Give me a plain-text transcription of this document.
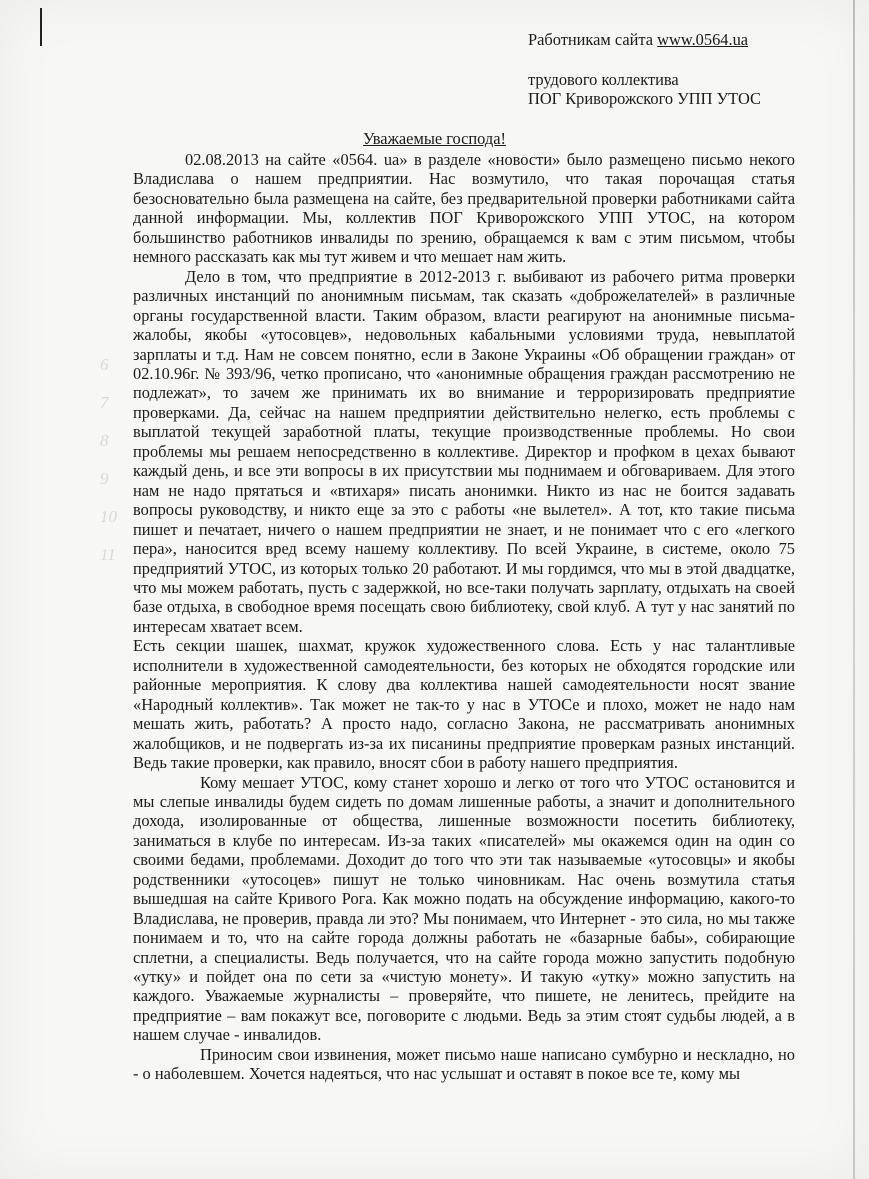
6
7
8
9
10
11
Работникам сайта www.0564.ua
трудового коллектива
ПОГ Криворожского УПП УТОС
Уважаемые господа!

02.08.2013 на сайте «0564. ua» в разделе «новости» было размещено письмо некого Владислава о нашем предприятии. Нас возмутило, что такая порочащая статья безосновательно была размещена на сайте, без предварительной проверки работниками сайта данной информации. Мы, коллектив ПОГ Криворожского УПП УТОС, на котором большинство работников инвалиды по зрению, обращаемся к вам с этим письмом, чтобы немного рассказать как мы тут живем и что мешает нам жить.

Дело в том, что предприятие в 2012-2013 г. выбивают из рабочего ритма проверки различных инстанций по анонимным письмам, так сказать «доброжелателей» в различные органы государственной власти. Таким образом, власти реагируют на анонимные письма-жалобы, якобы «утосовцев», недовольных кабальными условиями труда, невыплатой зарплаты и т.д. Нам не совсем понятно, если в Законе Украины «Об обращении граждан» от 02.10.96г. № 393/96, четко прописано, что «анонимные обращения граждан рассмотрению не подлежат», то зачем же принимать их во внимание и терроризировать предприятие проверками. Да, сейчас на нашем предприятии действительно нелегко, есть проблемы с выплатой текущей заработной платы, текущие производственные проблемы. Но свои проблемы мы решаем непосредственно в коллективе. Директор и профком в цехах бывают каждый день, и все эти вопросы в их присутствии мы поднимаем и обговариваем. Для этого нам не надо прятаться и «втихаря» писать анонимки. Никто из нас не боится задавать вопросы руководству, и никто еще за это с работы «не вылетел». А тот, кто такие письма пишет и печатает, ничего о нашем предприятии не знает, и не понимает что с его «легкого пера», наносится вред всему нашему коллективу. По всей Украине, в системе, около 75 предприятий УТОС, из которых только 20 работают. И мы гордимся, что мы в этой двадцатке, что мы можем работать, пусть с задержкой, но все-таки получать зарплату, отдыхать на своей базе отдыха, в свободное время посещать свою библиотеку, свой клуб. А тут у нас занятий по интересам хватает всем.

Есть секции шашек, шахмат, кружок художественного слова. Есть у нас талантливые исполнители в художественной самодеятельности, без которых не обходятся городские или районные мероприятия. К слову два коллектива нашей самодеятельности носят звание «Народный коллектив». Так может не так-то у нас в УТОСе и плохо, может не надо нам мешать жить, работать? А просто надо, согласно Закона, не рассматривать анонимных жалобщиков, и не подвергать из-за их писанины предприятие проверкам разных инстанций. Ведь такие проверки, как правило, вносят сбои в работу нашего предприятия.

Кому мешает УТОС, кому станет хорошо и легко от того что УТОС остановится и мы слепые инвалиды будем сидеть по домам лишенные работы, а значит и дополнительного дохода, изолированные от общества, лишенные возможности посетить библиотеку, заниматься в клубе по интересам. Из-за таких «писателей» мы окажемся один на один со своими бедами, проблемами. Доходит до того что эти так называемые «утосовцы» и якобы родственники «утосоцев» пишут не только чиновникам. Нас очень возмутила статья вышедшая на сайте Кривого Рога. Как можно подать на обсуждение информацию, какого-то Владислава, не проверив, правда ли это? Мы понимаем, что Интернет - это сила, но мы также понимаем и то, что на сайте города должны работать не «базарные бабы», собирающие сплетни, а специалисты. Ведь получается, что на сайте города можно запустить подобную «утку» и пойдет она по сети за «чистую монету». И такую «утку» можно запустить на каждого. Уважаемые журналисты – проверяйте, что пишете, не ленитесь, прейдите на предприятие – вам покажут все, поговорите с людьми. Ведь за этим стоят судьбы людей, а в нашем случае - инвалидов.

Приносим свои извинения, может письмо наше написано сумбурно и нескладно, но - о наболевшем. Хочется надеяться, что нас услышат и оставят в покое все те, кому мы
